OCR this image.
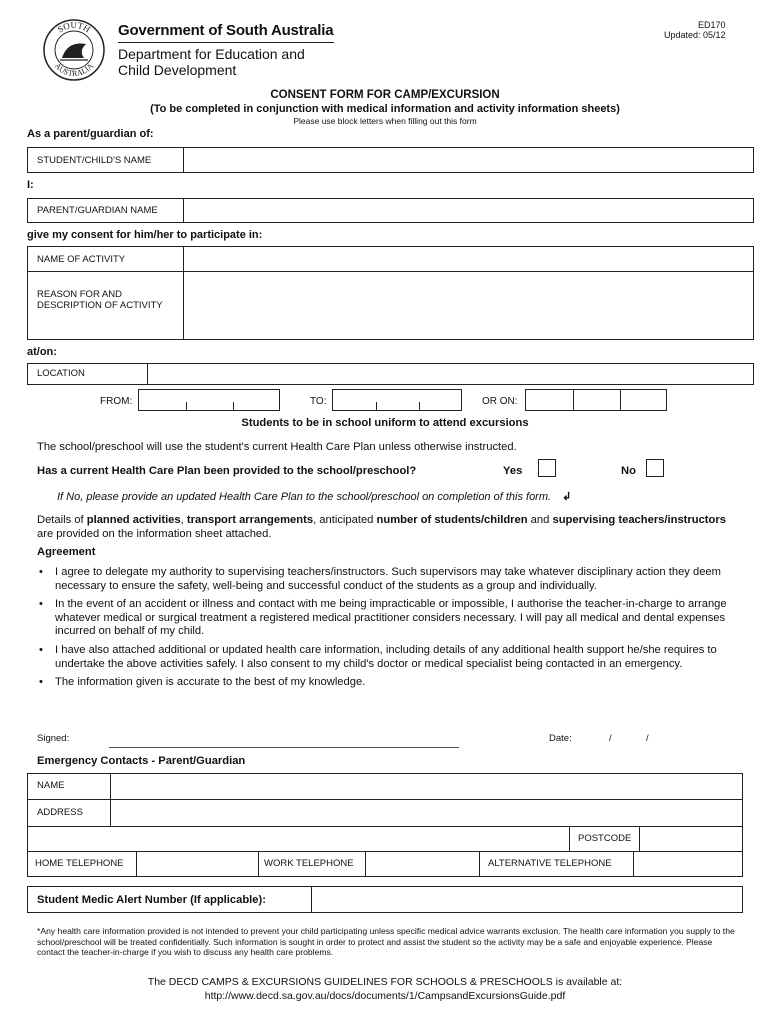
SOUTH
AUSTRALIA
Government of South Australia
Department for Education and
Child Development
ED170
Updated: 05/12
CONSENT FORM FOR CAMP/EXCURSION
(To be completed in conjunction with medical information and activity information sheets)
Please use block letters when filling out this form
As a parent/guardian of:
STUDENT/CHILD'S NAME
I:
PARENT/GUARDIAN NAME
give my consent for him/her to participate in:
NAME OF ACTIVITY
REASON FOR AND
DESCRIPTION OF ACTIVITY
at/on:
LOCATION
FROM:	TO:	OR ON:
Students to be in school uniform to attend excursions
The school/preschool will use the student's current Health Care Plan unless otherwise instructed.
Has a current Health Care Plan been provided to the school/preschool?	Yes	No
If No, please provide an updated Health Care Plan to the school/preschool on completion of this form. ↲
Details of planned activities, transport arrangements, anticipated number of students/children and supervising teachers/instructors are provided on the information sheet attached.
Agreement
• I agree to delegate my authority to supervising teachers/instructors. Such supervisors may take whatever disciplinary action they deem necessary to ensure the safety, well-being and successful conduct of the students as a group and individually.
• In the event of an accident or illness and contact with me being impracticable or impossible, I authorise the teacher-in-charge to arrange whatever medical or surgical treatment a registered medical practitioner considers necessary. I will pay all medical and dental expenses incurred on behalf of my child.
• I have also attached additional or updated health care information, including details of any additional health support he/she requires to undertake the above activities safely. I also consent to my child's doctor or medical specialist being contacted in an emergency.
• The information given is accurate to the best of my knowledge.
Signed:	Date:	/	/
Emergency Contacts - Parent/Guardian
NAME
ADDRESS
POSTCODE
HOME TELEPHONE	WORK TELEPHONE	ALTERNATIVE TELEPHONE
Student Medic Alert Number (If applicable):
*Any health care information provided is not intended to prevent your child participating unless specific medical advice warrants exclusion. The health care information you supply to the school/preschool will be treated confidentially. Such information is sought in order to protect and assist the student so the activity may be a safe and enjoyable experience. Please contact the teacher-in-charge if you wish to discuss any health care problems.
The DECD CAMPS & EXCURSIONS GUIDELINES FOR SCHOOLS & PRESCHOOLS is available at:
http://www.decd.sa.gov.au/docs/documents/1/CampsandExcursionsGuide.pdf
